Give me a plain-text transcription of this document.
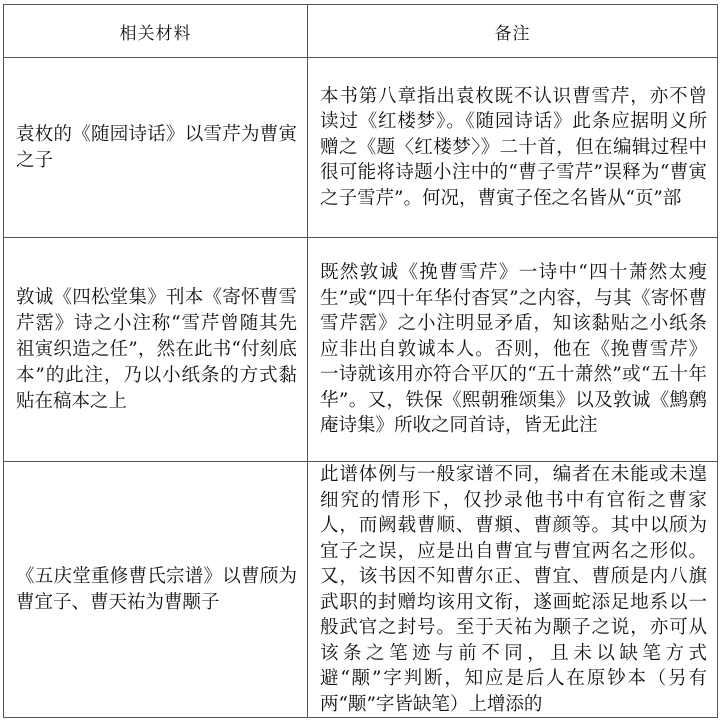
相关材料	备注
袁枚的《随园诗话》以雪芹为曹寅之子	本书第八章指出袁枚既不认识曹雪芹，亦不曾读过《红楼梦》。《随园诗话》此条应据明义所赠之《题〈红楼梦〉》二十首，但在编辑过程中很可能将诗题小注中的“曹子雪芹”误释为“曹寅之子雪芹”。何况，曹寅子侄之名皆从“页”部
敦诚《四松堂集》刊本《寄怀曹雪芹霑》诗之小注称“雪芹曾随其先祖寅织造之任”，然在此书“付刻底本”的此注，乃以小纸条的方式黏贴在稿本之上	既然敦诚《挽曹雪芹》一诗中“四十萧然太瘦生”或“四十年华付杳冥”之内容，与其《寄怀曹雪芹霑》之小注明显矛盾，知该黏贴之小纸条应非出自敦诚本人。否则，他在《挽曹雪芹》一诗就该用亦符合平仄的“五十萧然”或“五十年华”。又，铁保《熙朝雅颂集》以及敦诚《鹪鹩庵诗集》所收之同首诗，皆无此注
《五庆堂重修曹氏宗谱》以曹颀为曹宜子、曹天祐为曹颙子	此谱体例与一般家谱不同，编者在未能或未遑细究的情形下，仅抄录他书中有官衔之曹家人，而阙载曹顺、曹頫、曹颜等。其中以颀为宜子之误，应是出自曹宜与曹宜两名之形似。又，该书因不知曹尔正、曹宜、曹颀是内八旗武职的封赠均该用文衔，遂画蛇添足地系以一般武官之封号。至于天祐为颙子之说，亦可从该条之笔迹与前不同，且未以缺笔方式避“颙”字判断，知应是后人在原钞本（另有两“颙”字皆缺笔）上增添的
